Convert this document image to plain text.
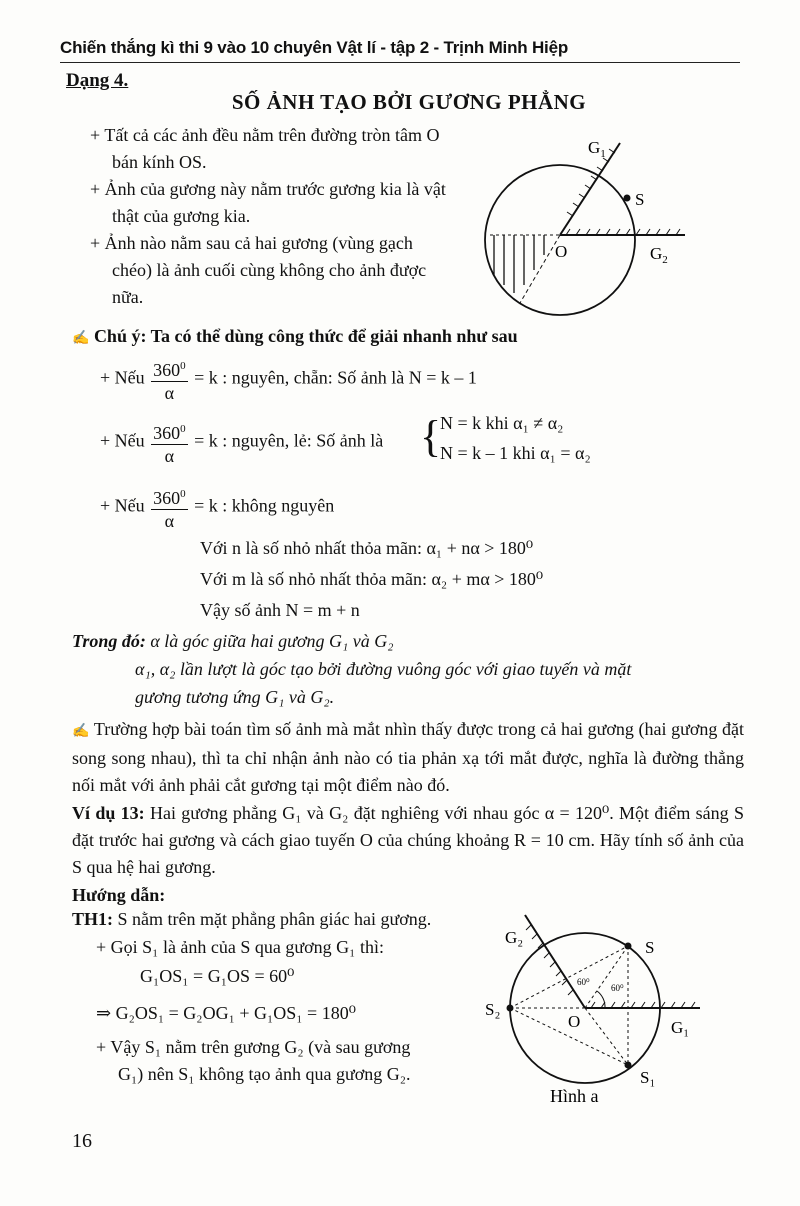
Chiến thắng kì thi 9 vào 10 chuyên Vật lí - tập 2 - Trịnh Minh Hiệp
Dạng 4.
SỐ ẢNH TẠO BỞI GƯƠNG PHẲNG
+ Tất cả các ảnh đều nằm trên đường tròn tâm O bán kính OS.
+ Ảnh của gương này nằm trước gương kia là vật thật của gương kia.
+ Ảnh nào nằm sau cả hai gương (vùng gạch chéo) là ảnh cuối cùng không cho ảnh được nữa.
$G_1$
S
O	$G_2$
✍ Chú ý: Ta có thể dùng công thức để giải nhanh như sau
+ Nếu $\frac{360^0}{\alpha} = k$ : nguyên, chẵn: Số ảnh là N = k – 1
+ Nếu $\frac{360^0}{\alpha} = k$ : nguyên, lẻ: Số ảnh là {
N = k khi α₁ ≠ α₂
N = k – 1 khi α₁ = α₂
+ Nếu $\frac{360^0}{\alpha} = k$ : không nguyên
Với n là số nhỏ nhất thỏa mãn: α₁ + nα > 180⁰
Với m là số nhỏ nhất thỏa mãn: α₂ + mα > 180⁰
Vậy số ảnh N = m + n
Trong đó: α là góc giữa hai gương G₁ và G₂
α₁, α₂ lần lượt là góc tạo bởi đường vuông góc với giao tuyến và mặt
gương tương ứng G₁ và G₂.
✍ Trường hợp bài toán tìm số ảnh mà mắt nhìn thấy được trong cả hai gương (hai gương đặt song song nhau), thì ta chỉ nhận ảnh nào có tia phản xạ tới mắt được, nghĩa là đường thẳng nối mắt với ảnh phải cắt gương tại một điểm nào đó.
Ví dụ 13: Hai gương phẳng G₁ và G₂ đặt nghiêng với nhau góc α = 120⁰. Một điểm sáng S đặt trước hai gương và cách giao tuyến O của chúng khoảng R = 10 cm. Hãy tính số ảnh của S qua hệ hai gương.
Hướng dẫn:
TH1: S nằm trên mặt phẳng phân giác hai gương.
+ Gọi S₁ là ảnh của S qua gương G₁ thì:
G₁OS₁ = G₁OS = 60⁰
⇒ G₂OS₁ = G₂OG₁ + G₁OS₁ = 180⁰
+ Vậy S₁ nằm trên gương G₂ (và sau gương G₁) nên S₁ không tạo ảnh qua gương G₂.
G₂
S
S₂
O	G₁
S₁
60⁰
60⁰
Hình a
16
